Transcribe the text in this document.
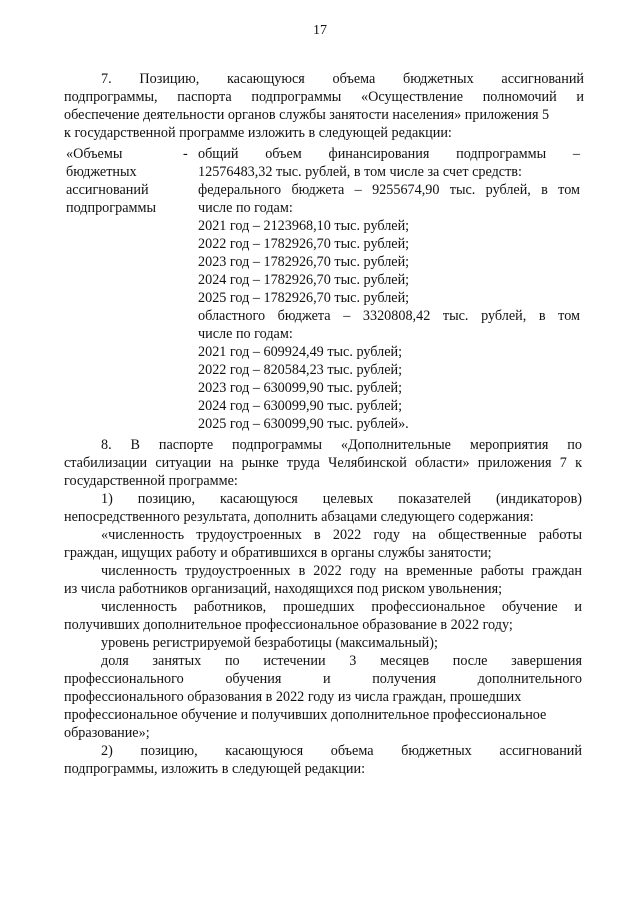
17
7. Позицию, касающуюся объема бюджетных ассигнований
подпрограммы, паспорта подпрограммы «Осуществление полномочий и
обеспечение деятельности органов службы занятости населения» приложения 5
к государственной программе изложить в следующей редакции:
«Объемы
бюджетных
ассигнований
подпрограммы
- общий объем финансирования подпрограммы –
12576483,32 тыс. рублей, в том числе за счет средств:
федерального бюджета – 9255674,90 тыс. рублей, в том
числе по годам:
2021 год – 2123968,10 тыс. рублей;
2022 год – 1782926,70 тыс. рублей;
2023 год – 1782926,70 тыс. рублей;
2024 год – 1782926,70 тыс. рублей;
2025 год – 1782926,70 тыс. рублей;
областного бюджета – 3320808,42 тыс. рублей, в том
числе по годам:
2021 год – 609924,49 тыс. рублей;
2022 год – 820584,23 тыс. рублей;
2023 год – 630099,90 тыс. рублей;
2024 год – 630099,90 тыс. рублей;
2025 год – 630099,90 тыс. рублей».
8. В паспорте подпрограммы «Дополнительные мероприятия по
стабилизации ситуации на рынке труда Челябинской области» приложения 7 к
государственной программе:
1) позицию, касающуюся целевых показателей (индикаторов)
непосредственного результата, дополнить абзацами следующего содержания:
«численность трудоустроенных в 2022 году на общественные работы
граждан, ищущих работу и обратившихся в органы службы занятости;
численность трудоустроенных в 2022 году на временные работы граждан
из числа работников организаций, находящихся под риском увольнения;
численность работников, прошедших профессиональное обучение и
получивших дополнительное профессиональное образование в 2022 году;
уровень регистрируемой безработицы (максимальный);
доля занятых по истечении 3 месяцев после завершения
профессионального обучения и получения дополнительного
профессионального образования в 2022 году из числа граждан, прошедших
профессиональное обучение и получивших дополнительное профессиональное
образование»;
2) позицию, касающуюся объема бюджетных ассигнований
подпрограммы, изложить в следующей редакции:
